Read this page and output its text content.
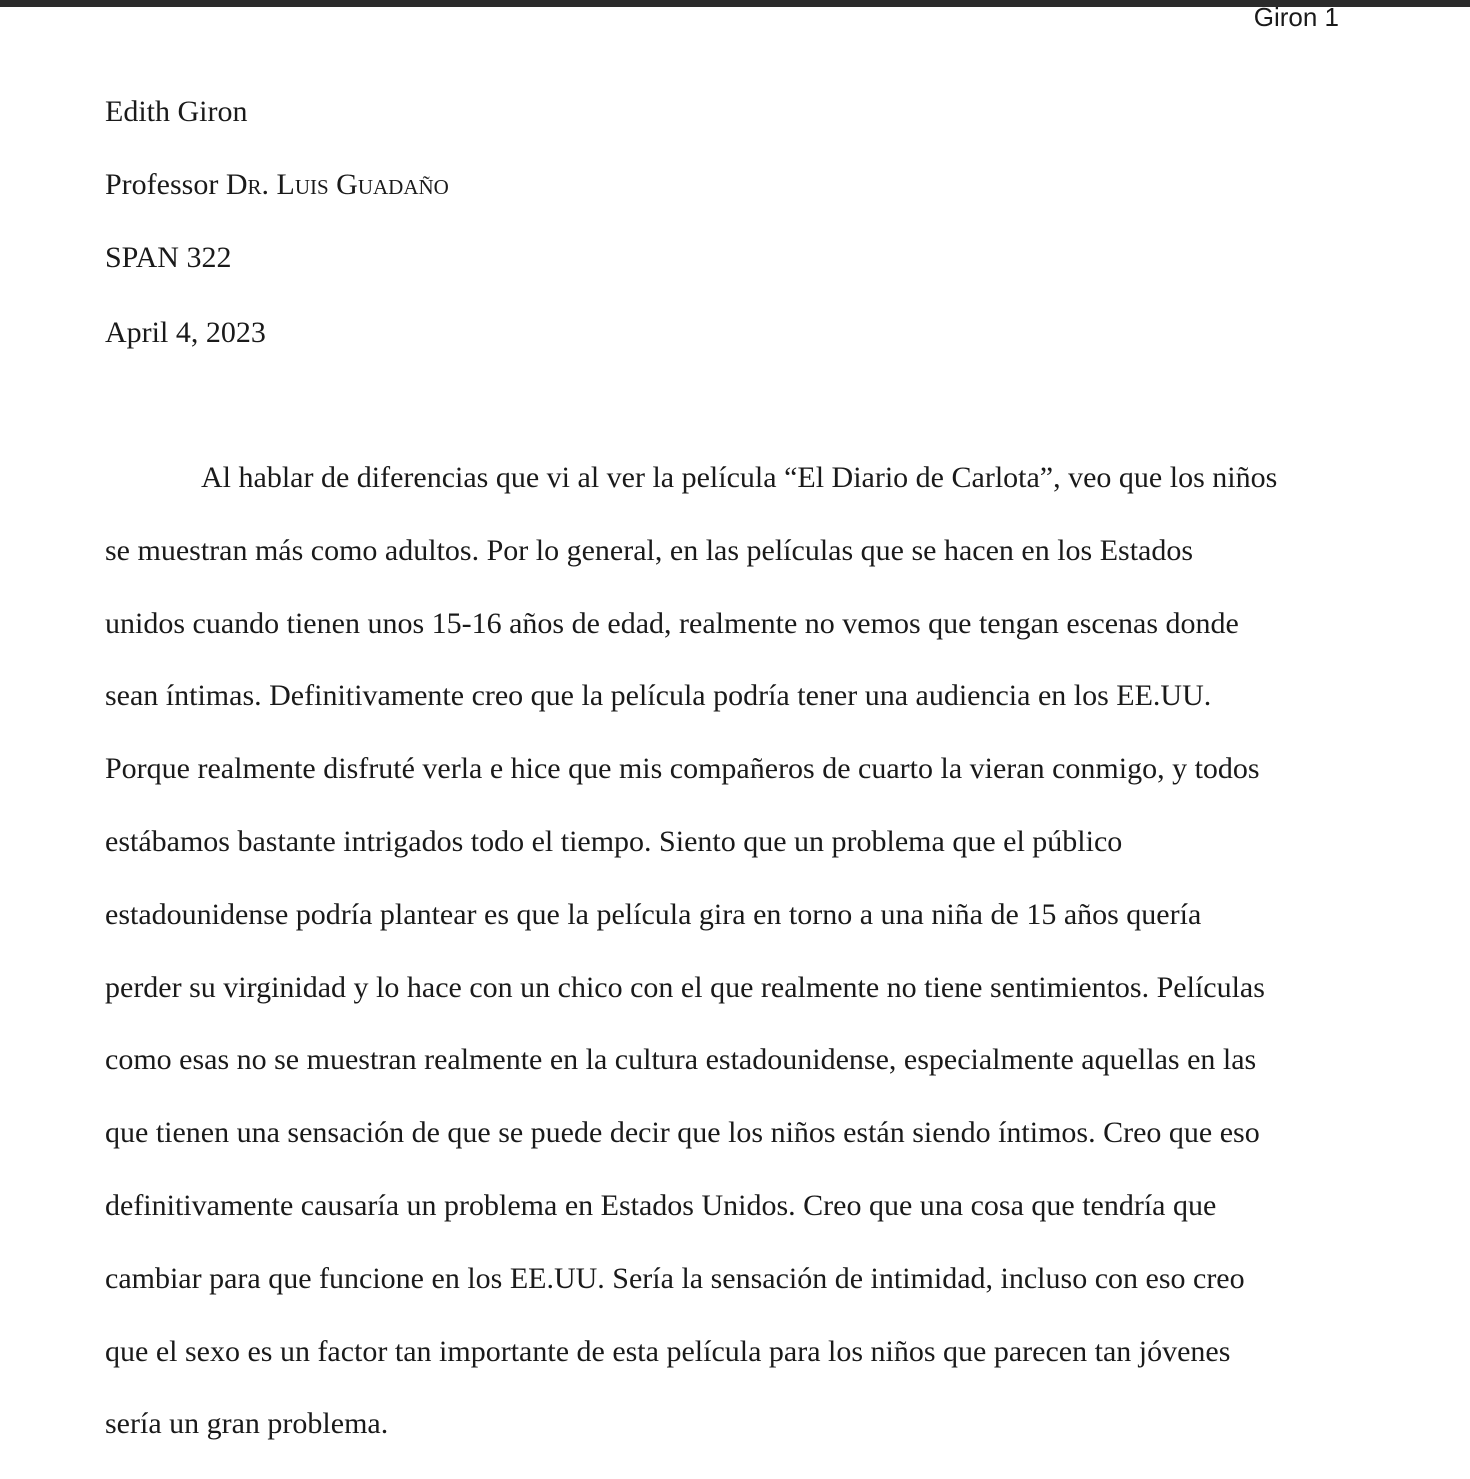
Giron 1
Edith Giron
Professor Dr. Luis Guadaño
SPAN 322
April 4, 2023
Al hablar de diferencias que vi al ver la película “El Diario de Carlota”, veo que los niños
se muestran más como adultos. Por lo general, en las películas que se hacen en los Estados
unidos cuando tienen unos 15-16 años de edad, realmente no vemos que tengan escenas donde
sean íntimas. Definitivamente creo que la película podría tener una audiencia en los EE.UU.
Porque realmente disfruté verla e hice que mis compañeros de cuarto la vieran conmigo, y todos
estábamos bastante intrigados todo el tiempo. Siento que un problema que el público
estadounidense podría plantear es que la película gira en torno a una niña de 15 años quería
perder su virginidad y lo hace con un chico con el que realmente no tiene sentimientos. Películas
como esas no se muestran realmente en la cultura estadounidense, especialmente aquellas en las
que tienen una sensación de que se puede decir que los niños están siendo íntimos. Creo que eso
definitivamente causaría un problema en Estados Unidos. Creo que una cosa que tendría que
cambiar para que funcione en los EE.UU. Sería la sensación de intimidad, incluso con eso creo
que el sexo es un factor tan importante de esta película para los niños que parecen tan jóvenes
sería un gran problema.
